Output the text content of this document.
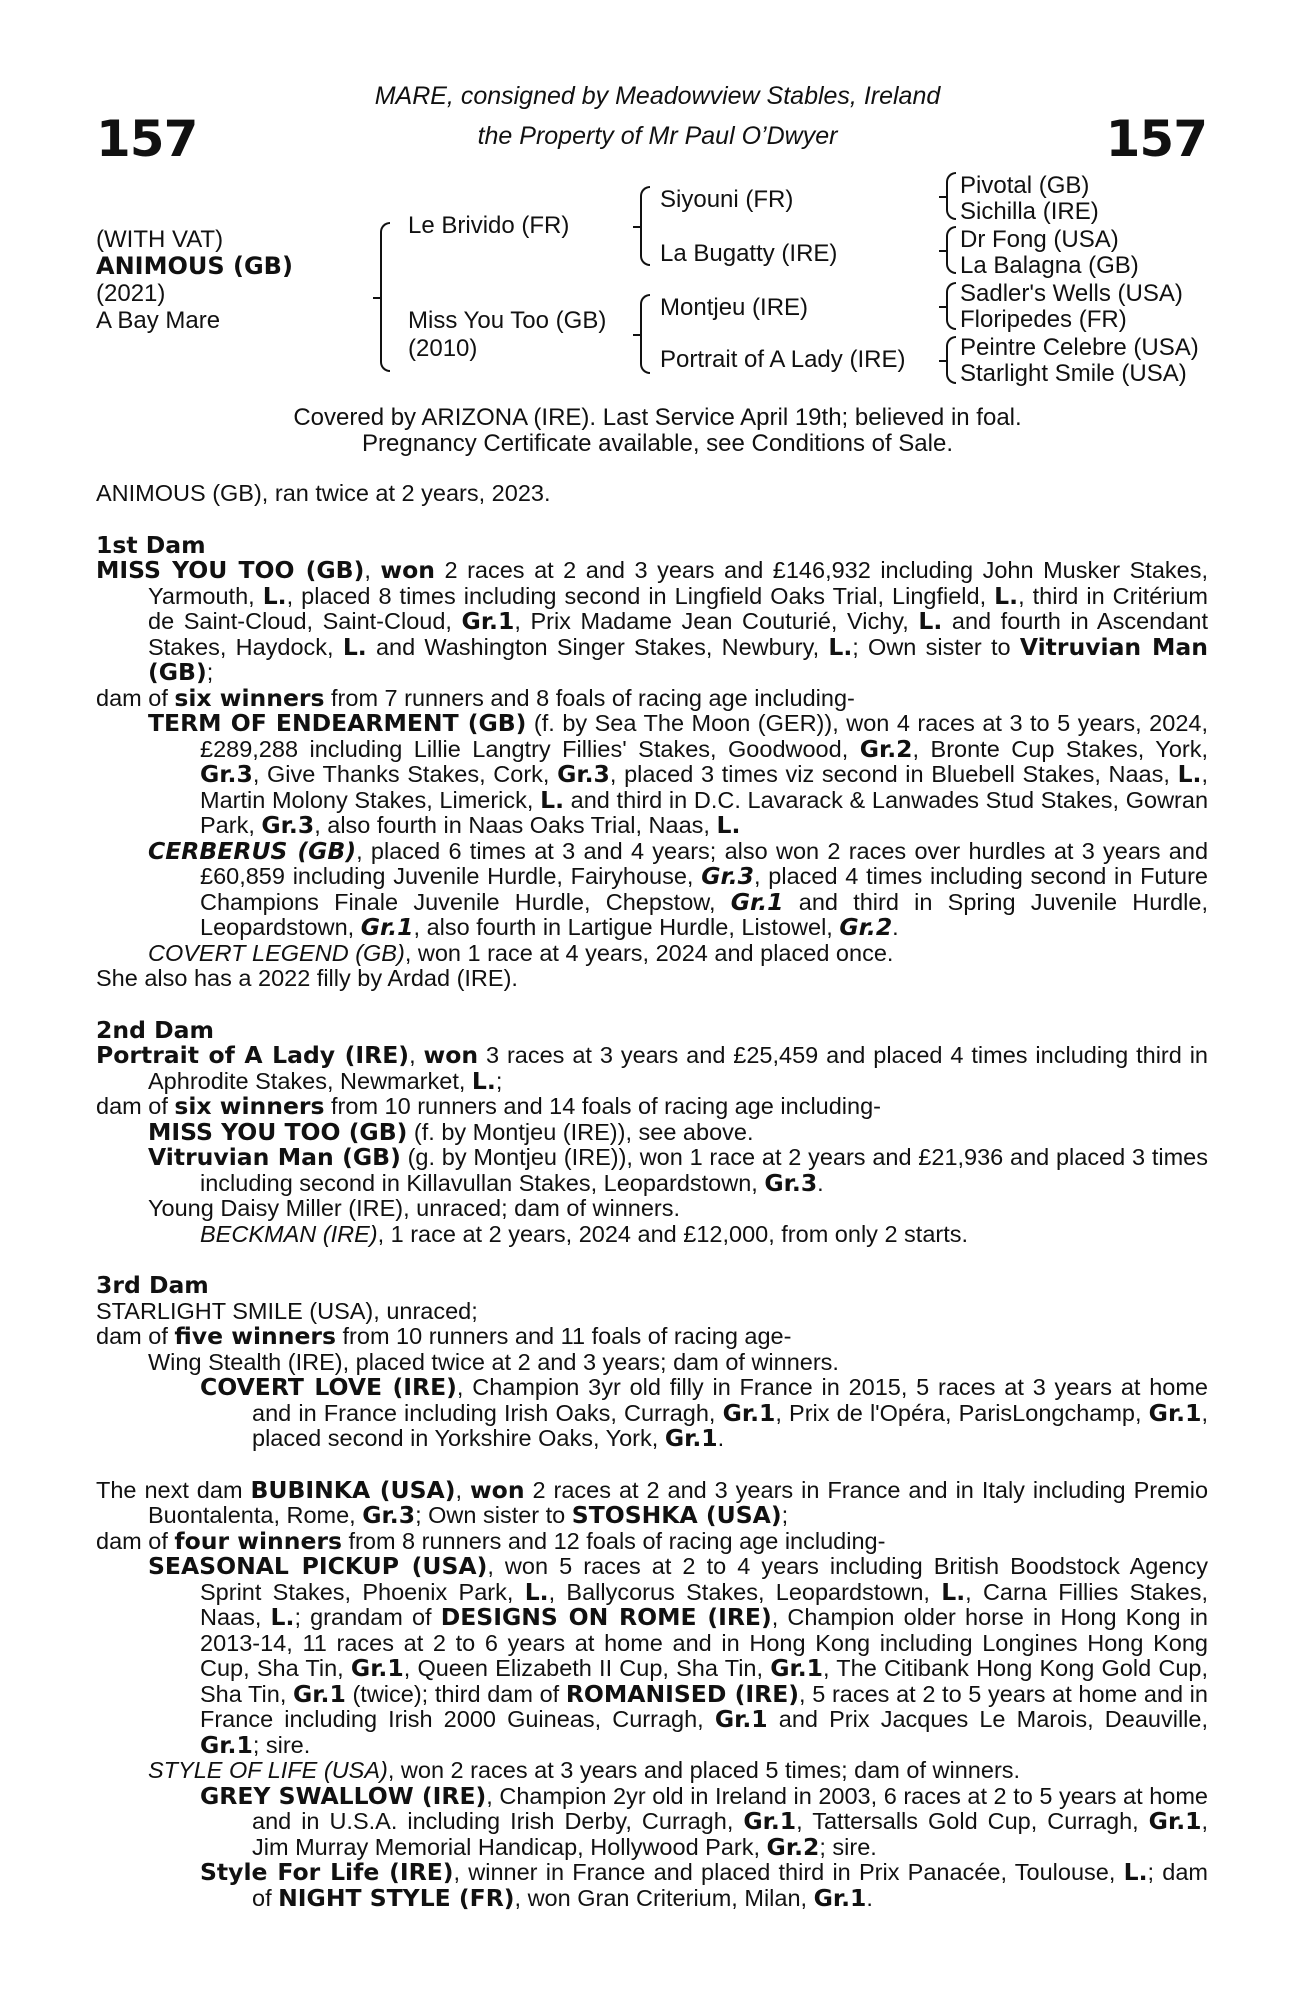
157	157
MARE, consigned by Meadowview Stables, Ireland
the Property of Mr Paul O’Dwyer
(WITH VAT)
ANIMOUS (GB)
(2021)
A Bay Mare
Le Brivido (FR)
Miss You Too (GB)
(2010)
Siyouni (FR)
La Bugatty (IRE)
Montjeu (IRE)
Portrait of A Lady (IRE)
Pivotal (GB)
Sichilla (IRE)
Dr Fong (USA)
La Balagna (GB)
Sadler's Wells (USA)
Floripedes (FR)
Peintre Celebre (USA)
Starlight Smile (USA)
Covered by ARIZONA (IRE). Last Service April 19th; believed in foal.
Pregnancy Certificate available, see Conditions of Sale.

ANIMOUS (GB), ran twice at 2 years, 2023.

1st Dam

MISS YOU TOO (GB), won 2 races at 2 and 3 years and £146,932 including John Musker Stakes, Yarmouth, L., placed 8 times including second in Lingfield Oaks Trial, Lingfield, L., third in Critérium de Saint-Cloud, Saint-Cloud, Gr.1, Prix Madame Jean Couturié, Vichy, L. and fourth in Ascendant Stakes, Haydock, L. and Washington Singer Stakes, Newbury, L.; Own sister to Vitruvian Man (GB);

dam of six winners from 7 runners and 8 foals of racing age including-

TERM OF ENDEARMENT (GB) (f. by Sea The Moon (GER)), won 4 races at 3 to 5 years, 2024, £289,288 including Lillie Langtry Fillies' Stakes, Goodwood, Gr.2, Bronte Cup Stakes, York, Gr.3, Give Thanks Stakes, Cork, Gr.3, placed 3 times viz second in Bluebell Stakes, Naas, L., Martin Molony Stakes, Limerick, L. and third in D.C. Lavarack & Lanwades Stud Stakes, Gowran Park, Gr.3, also fourth in Naas Oaks Trial, Naas, L.

CERBERUS (GB), placed 6 times at 3 and 4 years; also won 2 races over hurdles at 3 years and £60,859 including Juvenile Hurdle, Fairyhouse, Gr.3, placed 4 times including second in Future Champions Finale Juvenile Hurdle, Chepstow, Gr.1 and third in Spring Juvenile Hurdle, Leopardstown, Gr.1, also fourth in Lartigue Hurdle, Listowel, Gr.2.

COVERT LEGEND (GB), won 1 race at 4 years, 2024 and placed once.

She also has a 2022 filly by Ardad (IRE).

2nd Dam

Portrait of A Lady (IRE), won 3 races at 3 years and £25,459 and placed 4 times including third in Aphrodite Stakes, Newmarket, L.;

dam of six winners from 10 runners and 14 foals of racing age including-

MISS YOU TOO (GB) (f. by Montjeu (IRE)), see above.

Vitruvian Man (GB) (g. by Montjeu (IRE)), won 1 race at 2 years and £21,936 and placed 3 times including second in Killavullan Stakes, Leopardstown, Gr.3.

Young Daisy Miller (IRE), unraced; dam of winners.

BECKMAN (IRE), 1 race at 2 years, 2024 and £12,000, from only 2 starts.

3rd Dam

STARLIGHT SMILE (USA), unraced;

dam of five winners from 10 runners and 11 foals of racing age-

Wing Stealth (IRE), placed twice at 2 and 3 years; dam of winners.

COVERT LOVE (IRE), Champion 3yr old filly in France in 2015, 5 races at 3 years at home and in France including Irish Oaks, Curragh, Gr.1, Prix de l'Opéra, ParisLongchamp, Gr.1, placed second in Yorkshire Oaks, York, Gr.1.

The next dam BUBINKA (USA), won 2 races at 2 and 3 years in France and in Italy including Premio Buontalenta, Rome, Gr.3; Own sister to STOSHKA (USA);

dam of four winners from 8 runners and 12 foals of racing age including-

SEASONAL PICKUP (USA), won 5 races at 2 to 4 years including British Boodstock Agency Sprint Stakes, Phoenix Park, L., Ballycorus Stakes, Leopardstown, L., Carna Fillies Stakes, Naas, L.; grandam of DESIGNS ON ROME (IRE), Champion older horse in Hong Kong in 2013-14, 11 races at 2 to 6 years at home and in Hong Kong including Longines Hong Kong Cup, Sha Tin, Gr.1, Queen Elizabeth II Cup, Sha Tin, Gr.1, The Citibank Hong Kong Gold Cup, Sha Tin, Gr.1 (twice); third dam of ROMANISED (IRE), 5 races at 2 to 5 years at home and in France including Irish 2000 Guineas, Curragh, Gr.1 and Prix Jacques Le Marois, Deauville, Gr.1; sire.

STYLE OF LIFE (USA), won 2 races at 3 years and placed 5 times; dam of winners.

GREY SWALLOW (IRE), Champion 2yr old in Ireland in 2003, 6 races at 2 to 5 years at home and in U.S.A. including Irish Derby, Curragh, Gr.1, Tattersalls Gold Cup, Curragh, Gr.1, Jim Murray Memorial Handicap, Hollywood Park, Gr.2; sire.

Style For Life (IRE), winner in France and placed third in Prix Panacée, Toulouse, L.; dam of NIGHT STYLE (FR), won Gran Criterium, Milan, Gr.1.
